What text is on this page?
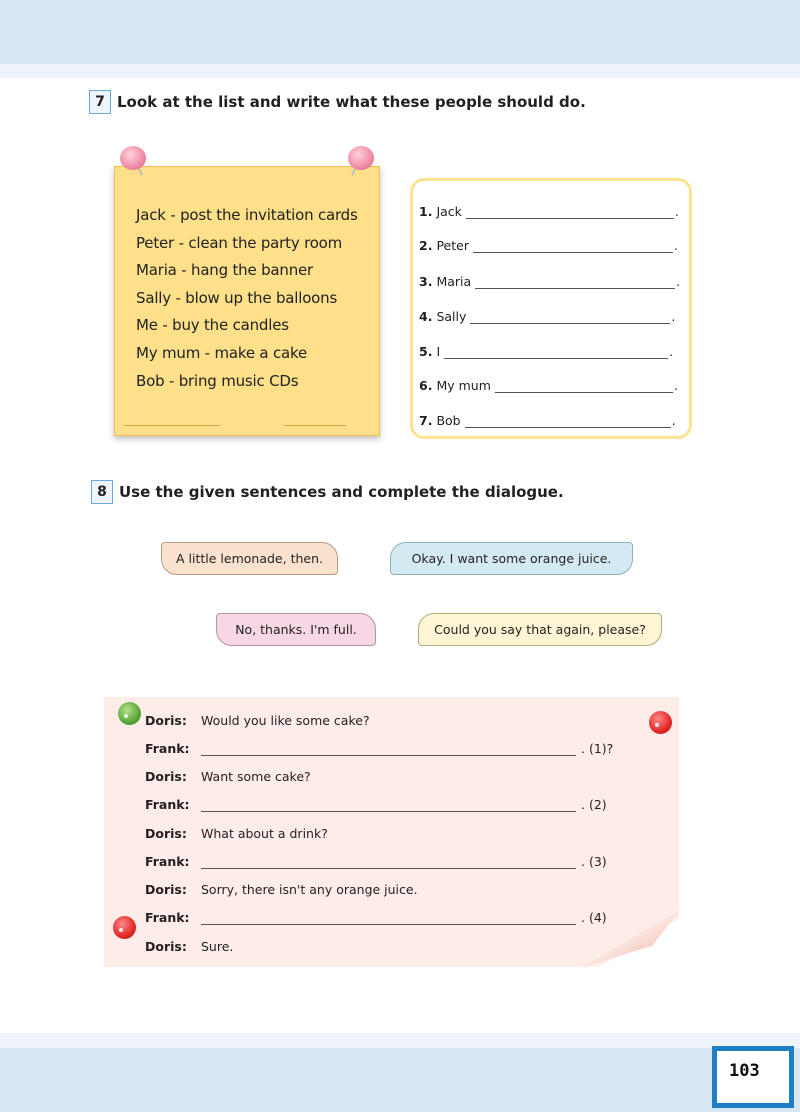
7 Look at the list and write what these people should do.
Jack - post the invitation cards
Peter - clean the party room
Maria - hang the banner
Sally - blow up the balloons
Me - buy the candles
My mum - make a cake
Bob - bring music CDs
1. Jack	.
2. Peter	.
3. Maria	.
4. Sally	.
5. I	.
6. My mum	.
7. Bob	.
8 Use the given sentences and complete the dialogue.
A little lemonade, then.	Okay. I want some orange juice.
No, thanks. I'm full.	Could you say that again, please?
Doris:	Would you like some cake?
Frank:	. (1)?
Doris:	Want some cake?
Frank:	. (2)
Doris:	What about a drink?
Frank:	. (3)
Doris:	Sorry, there isn't any orange juice.
Frank:	. (4)
Doris:	Sure.
103
